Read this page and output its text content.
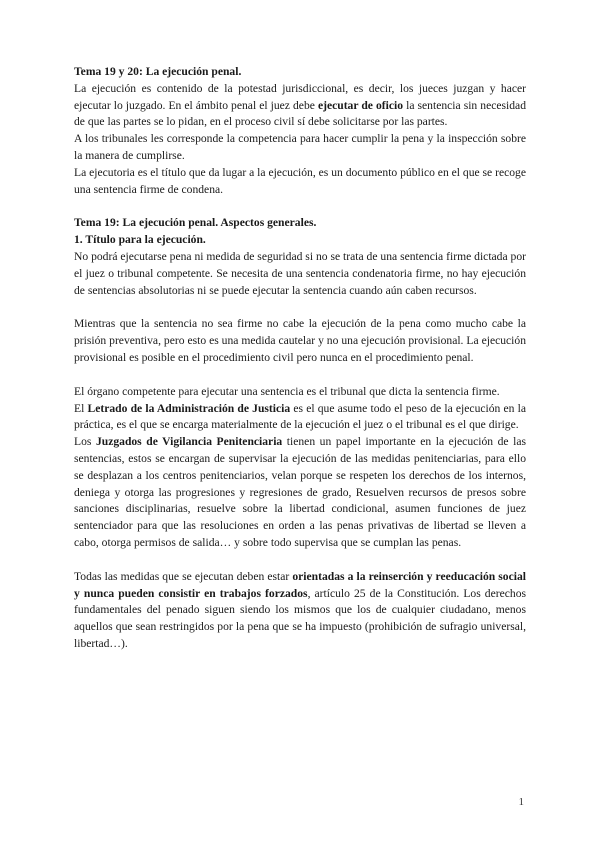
Tema 19 y 20: La ejecución penal.

La ejecución es contenido de la potestad jurisdiccional, es decir, los jueces juzgan y hacer ejecutar lo juzgado. En el ámbito penal el juez debe ejecutar de oficio la sentencia sin necesidad de que las partes se lo pidan, en el proceso civil sí debe solicitarse por las partes.

A los tribunales les corresponde la competencia para hacer cumplir la pena y la inspección sobre la manera de cumplirse.

La ejecutoria es el título que da lugar a la ejecución, es un documento público en el que se recoge una sentencia firme de condena.

Tema 19: La ejecución penal. Aspectos generales.

1. Título para la ejecución.

No podrá ejecutarse pena ni medida de seguridad si no se trata de una sentencia firme dictada por el juez o tribunal competente. Se necesita de una sentencia condenatoria firme, no hay ejecución de sentencias absolutorias ni se puede ejecutar la sentencia cuando aún caben recursos.

Mientras que la sentencia no sea firme no cabe la ejecución de la pena como mucho cabe la prisión preventiva, pero esto es una medida cautelar y no una ejecución provisional. La ejecución provisional es posible en el procedimiento civil pero nunca en el procedimiento penal.

El órgano competente para ejecutar una sentencia es el tribunal que dicta la sentencia firme.

El Letrado de la Administración de Justicia es el que asume todo el peso de la ejecución en la práctica, es el que se encarga materialmente de la ejecución el juez o el tribunal es el que dirige.

Los Juzgados de Vigilancia Penitenciaria tienen un papel importante en la ejecución de las sentencias, estos se encargan de supervisar la ejecución de las medidas penitenciarias, para ello se desplazan a los centros penitenciarios, velan porque se respeten los derechos de los internos, deniega y otorga las progresiones y regresiones de grado, Resuelven recursos de presos sobre sanciones disciplinarias, resuelve sobre la libertad condicional, asumen funciones de juez sentenciador para que las resoluciones en orden a las penas privativas de libertad se lleven a cabo, otorga permisos de salida… y sobre todo supervisa que se cumplan las penas.

Todas las medidas que se ejecutan deben estar orientadas a la reinserción y reeducación social y nunca pueden consistir en trabajos forzados, artículo 25 de la Constitución. Los derechos fundamentales del penado siguen siendo los mismos que los de cualquier ciudadano, menos aquellos que sean restringidos por la pena que se ha impuesto (prohibición de sufragio universal, libertad…).

1
